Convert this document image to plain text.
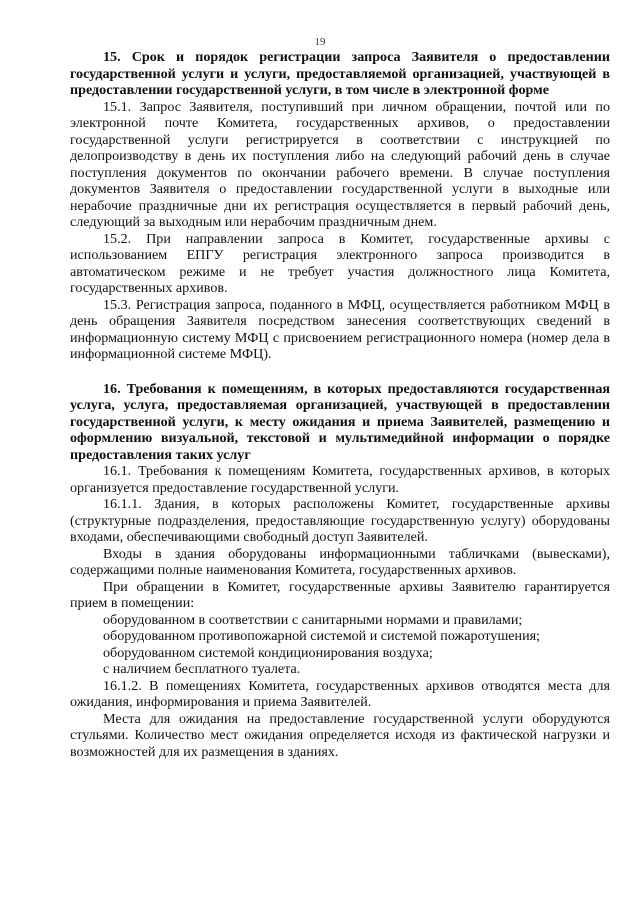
19

15. Срок и порядок регистрации запроса Заявителя о предоставлении государственной услуги и услуги, предоставляемой организацией, участвующей в предоставлении государственной услуги, в том числе в электронной форме

15.1. Запрос Заявителя, поступивший при личном обращении, почтой или по электронной почте Комитета, государственных архивов, о предоставлении государственной услуги регистрируется в соответствии с инструкцией по делопроизводству в день их поступления либо на следующий рабочий день в случае поступления документов по окончании рабочего времени. В случае поступления документов Заявителя о предоставлении государственной услуги в выходные или нерабочие праздничные дни их регистрация осуществляется в первый рабочий день, следующий за выходным или нерабочим праздничным днем.

15.2. При направлении запроса в Комитет, государственные архивы с использованием ЕПГУ регистрация электронного запроса производится в автоматическом режиме и не требует участия должностного лица Комитета, государственных архивов.

15.3. Регистрация запроса, поданного в МФЦ, осуществляется работником МФЦ в день обращения Заявителя посредством занесения соответствующих сведений в информационную систему МФЦ с присвоением регистрационного номера (номер дела в информационной системе МФЦ).

16. Требования к помещениям, в которых предоставляются государственная услуга, услуга, предоставляемая организацией, участвующей в предоставлении государственной услуги, к месту ожидания и приема Заявителей, размещению и оформлению визуальной, текстовой и мультимедийной информации о порядке предоставления таких услуг

16.1. Требования к помещениям Комитета, государственных архивов, в которых организуется предоставление государственной услуги.

16.1.1. Здания, в которых расположены Комитет, государственные архивы (структурные подразделения, предоставляющие государственную услугу) оборудованы входами, обеспечивающими свободный доступ Заявителей.

Входы в здания оборудованы информационными табличками (вывесками), содержащими полные наименования Комитета, государственных архивов.

При обращении в Комитет, государственные архивы Заявителю гарантируется прием в помещении:

оборудованном в соответствии с санитарными нормами и правилами;

оборудованном противопожарной системой и системой пожаротушения;

оборудованном системой кондиционирования воздуха;

с наличием бесплатного туалета.

16.1.2. В помещениях Комитета, государственных архивов отводятся места для ожидания, информирования и приема Заявителей.

Места для ожидания на предоставление государственной услуги оборудуются стульями. Количество мест ожидания определяется исходя из фактической нагрузки и возможностей для их размещения в зданиях.
